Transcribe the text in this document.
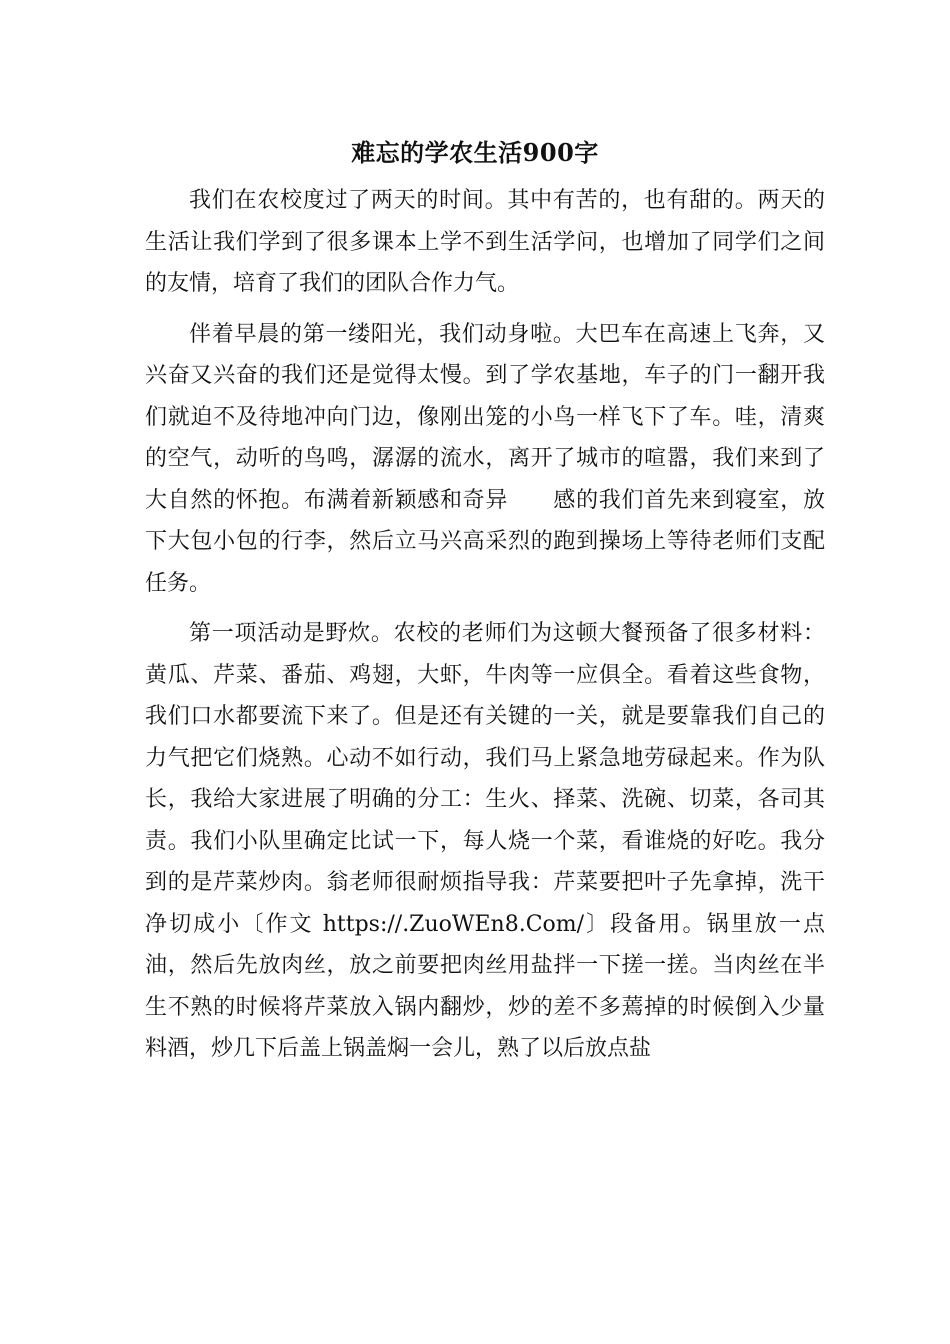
难忘的学农生活900字

我们在农校度过了两天的时间。其中有苦的，也有甜的。两天的生活让我们学到了很多课本上学不到生活学问，也增加了同学们之间的友情，培育了我们的团队合作力气。

伴着早晨的第一缕阳光，我们动身啦。大巴车在高速上飞奔，又兴奋又兴奋的我们还是觉得太慢。到了学农基地，车子的门一翻开我们就迫不及待地冲向门边，像刚出笼的小鸟一样飞下了车。哇，清爽的空气，动听的鸟鸣，潺潺的流水，离开了城市的喧嚣，我们来到了大自然的怀抱。布满着新颖感和奇异　　感的我们首先来到寝室，放下大包小包的行李，然后立马兴高采烈的跑到操场上等待老师们支配任务。

第一项活动是野炊。农校的老师们为这顿大餐预备了很多材料：黄瓜、芹菜、番茄、鸡翅，大虾，牛肉等一应俱全。看着这些食物，我们口水都要流下来了。但是还有关键的一关，就是要靠我们自己的力气把它们烧熟。心动不如行动，我们马上紧急地劳碌起来。作为队长，我给大家进展了明确的分工：生火、择菜、洗碗、切菜，各司其责。我们小队里确定比试一下，每人烧一个菜，看谁烧的好吃。我分到的是芹菜炒肉。翁老师很耐烦指导我：芹菜要把叶子先拿掉，洗干净切成小〔作文 https://.ZuoWEn8.Com/〕段备用。锅里放一点油，然后先放肉丝，放之前要把肉丝用盐拌一下搓一搓。当肉丝在半生不熟的时候将芹菜放入锅内翻炒，炒的差不多蔫掉的时候倒入少量料酒，炒几下后盖上锅盖焖一会儿，熟了以后放点盐
